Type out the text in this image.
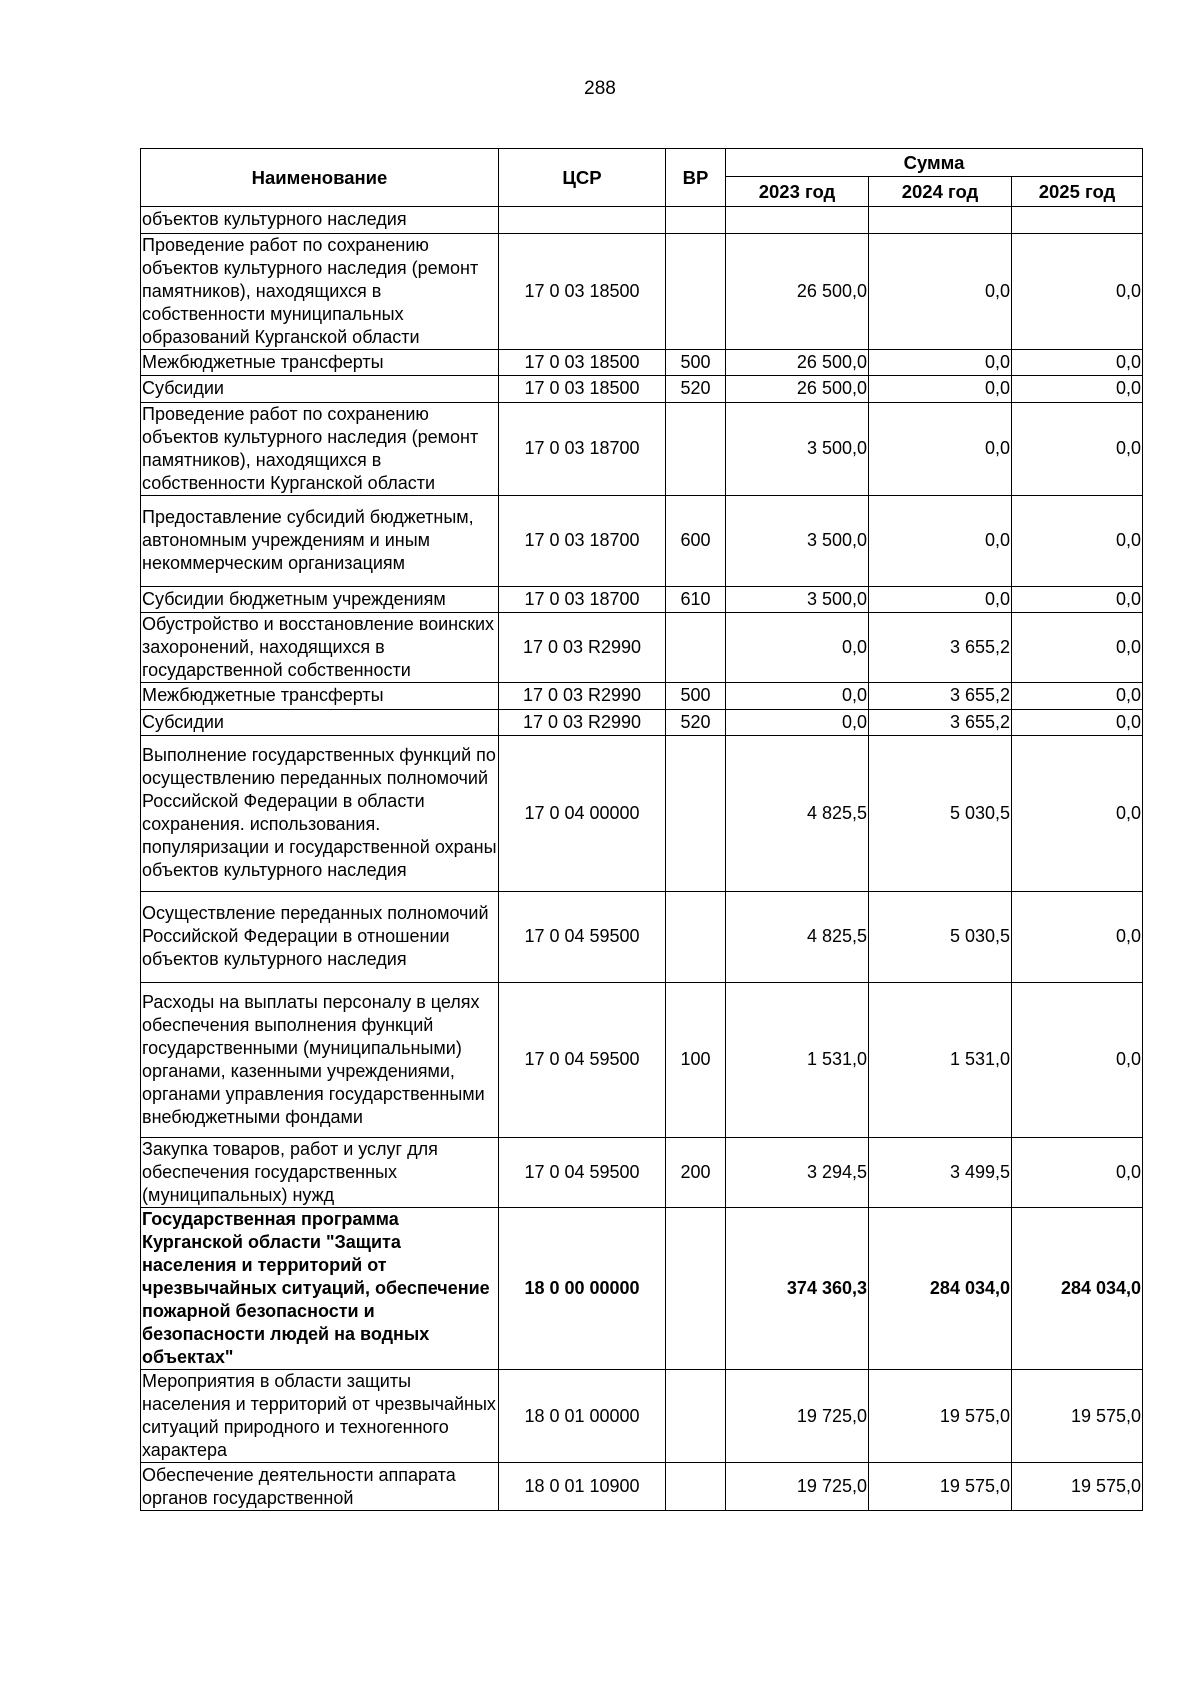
288
Наименование	ЦСР	ВР	Сумма		
			2023 год	2024 год	2025 год
объектов культурного наследия					
Проведение работ по сохранению объектов культурного наследия (ремонт памятников), находящихся в собственности муниципальных образований Курганской области	17 0 03 18500		26 500,0	0,0	0,0
Межбюджетные трансферты	17 0 03 18500	500	26 500,0	0,0	0,0
Субсидии	17 0 03 18500	520	26 500,0	0,0	0,0
Проведение работ по сохранению объектов культурного наследия (ремонт памятников), находящихся в собственности Курганской области	17 0 03 18700		3 500,0	0,0	0,0
Предоставление субсидий бюджетным, автономным учреждениям и иным некоммерческим организациям	17 0 03 18700	600	3 500,0	0,0	0,0
Субсидии бюджетным учреждениям	17 0 03 18700	610	3 500,0	0,0	0,0
Обустройство и восстановление воинских захоронений, находящихся в государственной собственности	17 0 03 R2990		0,0	3 655,2	0,0
Межбюджетные трансферты	17 0 03 R2990	500	0,0	3 655,2	0,0
Субсидии	17 0 03 R2990	520	0,0	3 655,2	0,0
Выполнение государственных функций по осуществлению переданных полномочий Российской Федерации в области сохранения. использования. популяризации и государственной охраны объектов культурного наследия	17 0 04 00000		4 825,5	5 030,5	0,0
Осуществление переданных полномочий Российской Федерации в отношении объектов культурного наследия	17 0 04 59500		4 825,5	5 030,5	0,0
Расходы на выплаты персоналу в целях обеспечения выполнения функций государственными (муниципальными) органами, казенными учреждениями, органами управления государственными внебюджетными фондами	17 0 04 59500	100	1 531,0	1 531,0	0,0
Закупка товаров, работ и услуг для обеспечения государственных (муниципальных) нужд	17 0 04 59500	200	3 294,5	3 499,5	0,0
Государственная программа Курганской области "Защита населения и территорий от чрезвычайных ситуаций, обеспечение пожарной безопасности и безопасности людей на водных объектах"	18 0 00 00000		374 360,3	284 034,0	284 034,0
Мероприятия в области защиты населения и территорий от чрезвычайных ситуаций природного и техногенного характера	18 0 01 00000		19 725,0	19 575,0	19 575,0
Обеспечение деятельности аппарата органов государственной	18 0 01 10900		19 725,0	19 575,0	19 575,0
